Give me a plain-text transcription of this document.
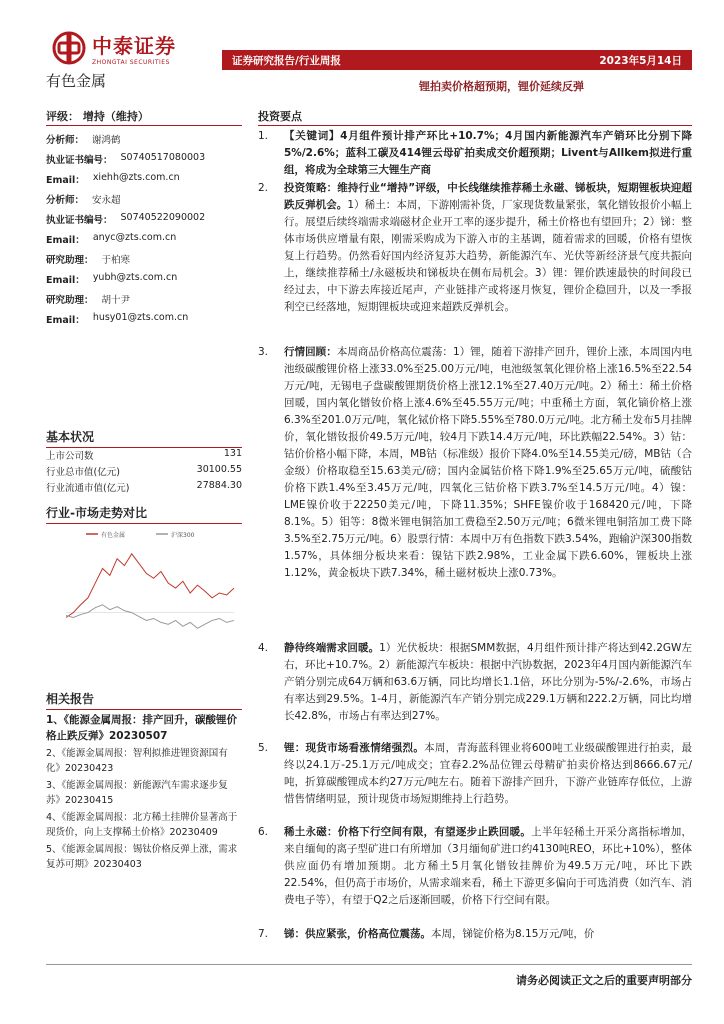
中泰证券
ZHONGTAI SECURITIES
有色金属
证券研究报告/行业周报	2023年5月14日
锂拍卖价格超预期，锂价延续反弹
评级： 增持（维持）
分析师： 谢鸿鹤
执业证书编号： S0740517080003
Email： xiehh@zts.com.cn
分析师： 安永超
执业证书编号： S0740522090002
Email： anyc@zts.com.cn
研究助理： 于柏寒
Email： yubh@zts.com.cn
研究助理： 胡十尹
Email： husy01@zts.com.cn
基本状况
上市公司数	131
行业总市值(亿元)	30100.55
行业流通市值(亿元)	27884.30
行业-市场走势对比
有色金属	沪深300
相关报告
1、《能源金属周报：排产回升，碳酸锂价格止跌反弹》20230507
2、《能源金属周报：智利拟推进锂资源国有化》20230423
3、《能源金属周报：新能源汽车需求逐步复苏》20230415
4、《能源金属周报：北方稀土挂牌价显著高于现货价，向上支撑稀土价格》20230409
5、《能源金属周报：锡钛价格反弹上涨，需求复苏可期》20230403
投资要点
1.	【关键词】4月组件预计排产环比+10.7%；4月国内新能源汽车产销环比分别下降5%/2.6%；蓝科工碳及414锂云母矿拍卖成交价超预期；Livent与Allkem拟进行重组，将成为全球第三大锂生产商
2.	投资策略：维持行业“增持”评级，中长线继续推荐稀土永磁、锑板块，短期锂板块迎超跌反弹机会。1）稀土：本周，下游刚需补货，厂家现货数量紧张，氧化镨钕报价小幅上行。展望后续终端需求端磁材企业开工率的逐步提升，稀土价格也有望回升；2）锑：整体市场供应增量有限，刚需采购成为下游入市的主基调，随着需求的回暖，价格有望恢复上行趋势。仍然看好国内经济复苏大趋势，新能源汽车、光伏等新经济景气度共振向上，继续推荐稀土/永磁板块和锑板块在侧布局机会。3）锂：锂价跌速最快的时间段已经过去，中下游去库接近尾声，产业链排产或将逐月恢复，锂价企稳回升，以及一季报利空已经落地，短期锂板块或迎来超跌反弹机会。
3.	行情回顾：本周商品价格高位震荡：1）锂，随着下游排产回升，锂价上涨，本周国内电池级碳酸锂价格上涨33.0%至25.00万元/吨，电池级氢氧化锂价格上涨16.5%至22.54万元/吨，无锡电子盘碳酸锂期货价格上涨12.1%至27.40万元/吨。2）稀土：稀土价格回暖，国内氧化镨钕价格上涨4.6%至45.55万元/吨；中重稀土方面，氧化镝价格上涨6.3%至201.0万元/吨，氧化铽价格下降5.55%至780.0万元/吨。北方稀土发布5月挂牌价，氧化镨钕报价49.5万元/吨，较4月下跌14.4万元/吨，环比跌幅22.54%。3）钴：钴价价格小幅下降，本周，MB钴（标准级）报价下降4.0%至14.55美元/磅，MB钴（合金级）价格取稳至15.63美元/磅；国内金属钴价格下降1.9%至25.65万元/吨，硫酸钴价格下跌1.4%至3.45万元/吨，四氧化三钴价格下跌3.7%至14.5万元/吨。4）镍：LME镍价收于22250美元/吨，下降11.35%；SHFE镍价收于168420元/吨，下降8.1%。5）钼等：8微米锂电铜箔加工费稳至2.50万元/吨；6微米锂电铜箔加工费下降3.5%至2.75万元/吨。6）股票行情：本周中万有色指数下跌3.54%，跑输沪深300指数1.57%，具体细分板块来看：镍钴下跌2.98%，工业金属下跌6.60%，锂板块上涨1.12%，黄金板块下跌7.34%，稀土磁材板块上涨0.73%。
4.	静待终端需求回暖。1）光伏板块：根据SMM数据，4月组件预计排产将达到42.2GW左右，环比+10.7%。2）新能源汽车板块：根据中汽协数据，2023年4月国内新能源汽车产销分别完成64万辆和63.6万辆，同比均增长1.1倍，环比分别为-5%/-2.6%，市场占有率达到29.5%。1-4月，新能源汽车产销分别完成229.1万辆和222.2万辆，同比均增长42.8%，市场占有率达到27%。
5.	锂：现货市场看涨情绪强烈。本周，青海蓝科锂业将600吨工业级碳酸锂进行拍卖，最终以24.1万-25.1万元/吨成交；宜春2.2%品位锂云母精矿拍卖价格达到8666.67元/吨，折算碳酸锂成本约27万元/吨左右。随着下游排产回升，下游产业链库存低位，上游惜售情绪明显，预计现货市场短期维持上行趋势。
6.	稀土永磁：价格下行空间有限，有望逐步止跌回暖。上半年轻稀土开采分离指标增加，来自缅甸的离子型矿进口有所增加（3月缅甸矿进口约4130吨REO，环比+10%），整体供应面仍有增加预期。北方稀土5月氧化镨钕挂牌价为49.5万元/吨，环比下跌22.54%，但仍高于市场价，从需求端来看，稀土下游更多偏向于可选消费（如汽车、消费电子等），有望于Q2之后逐渐回暖，价格下行空间有限。
7.	锑：供应紧张，价格高位震荡。本周，锑锭价格为8.15万元/吨，价
请务必阅读正文之后的重要声明部分
